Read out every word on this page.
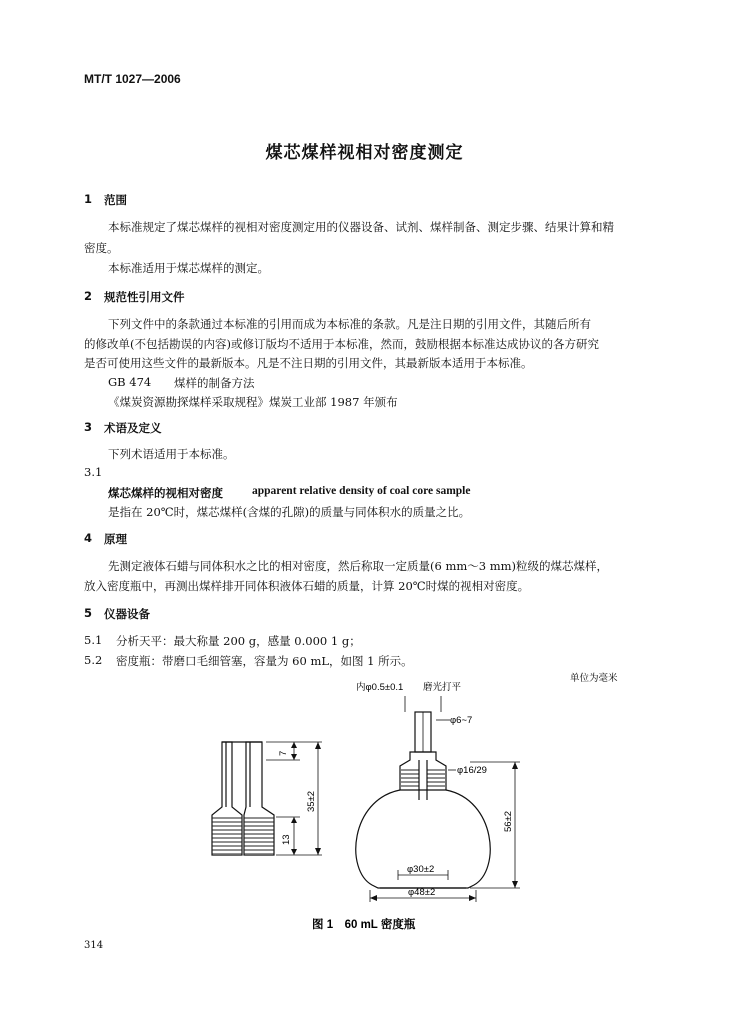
MT/T 1027—2006
煤芯煤样视相对密度测定
1 范围
本标准规定了煤芯煤样的视相对密度测定用的仪器设备、试剂、煤样制备、测定步骤、结果计算和精
密度。
本标准适用于煤芯煤样的测定。
2 规范性引用文件
下列文件中的条款通过本标准的引用而成为本标准的条款。凡是注日期的引用文件，其随后所有
的修改单(不包括勘误的内容)或修订版均不适用于本标准，然而，鼓励根据本标准达成协议的各方研究
是否可使用这些文件的最新版本。凡是不注日期的引用文件，其最新版本适用于本标准。
GB 474 煤样的制备方法
《煤炭资源勘探煤样采取规程》煤炭工业部 1987 年颁布
3 术语及定义
下列术语适用于本标准。
3.1
煤芯煤样的视相对密度	apparent relative density of coal core sample
是指在 20℃时，煤芯煤样(含煤的孔隙)的质量与同体积水的质量之比。
4 原理
先测定液体石蜡与同体积水之比的相对密度，然后称取一定质量(6 mm～3 mm)粒级的煤芯煤样，
放入密度瓶中，再测出煤样排开同体积液体石蜡的质量，计算 20℃时煤的视相对密度。
5 仪器设备
5.1 分析天平：最大称量 200 g，感量 0.000 1 g；
5.2 密度瓶：带磨口毛细管塞，容量为 60 mL，如图 1 所示。
单位为毫米
7
35±2
13
内φ0.5±0.1 磨光打平
φ6~7
φ16/29
56±2
φ30±2
φ48±2
图 1　60 mL 密度瓶
314
